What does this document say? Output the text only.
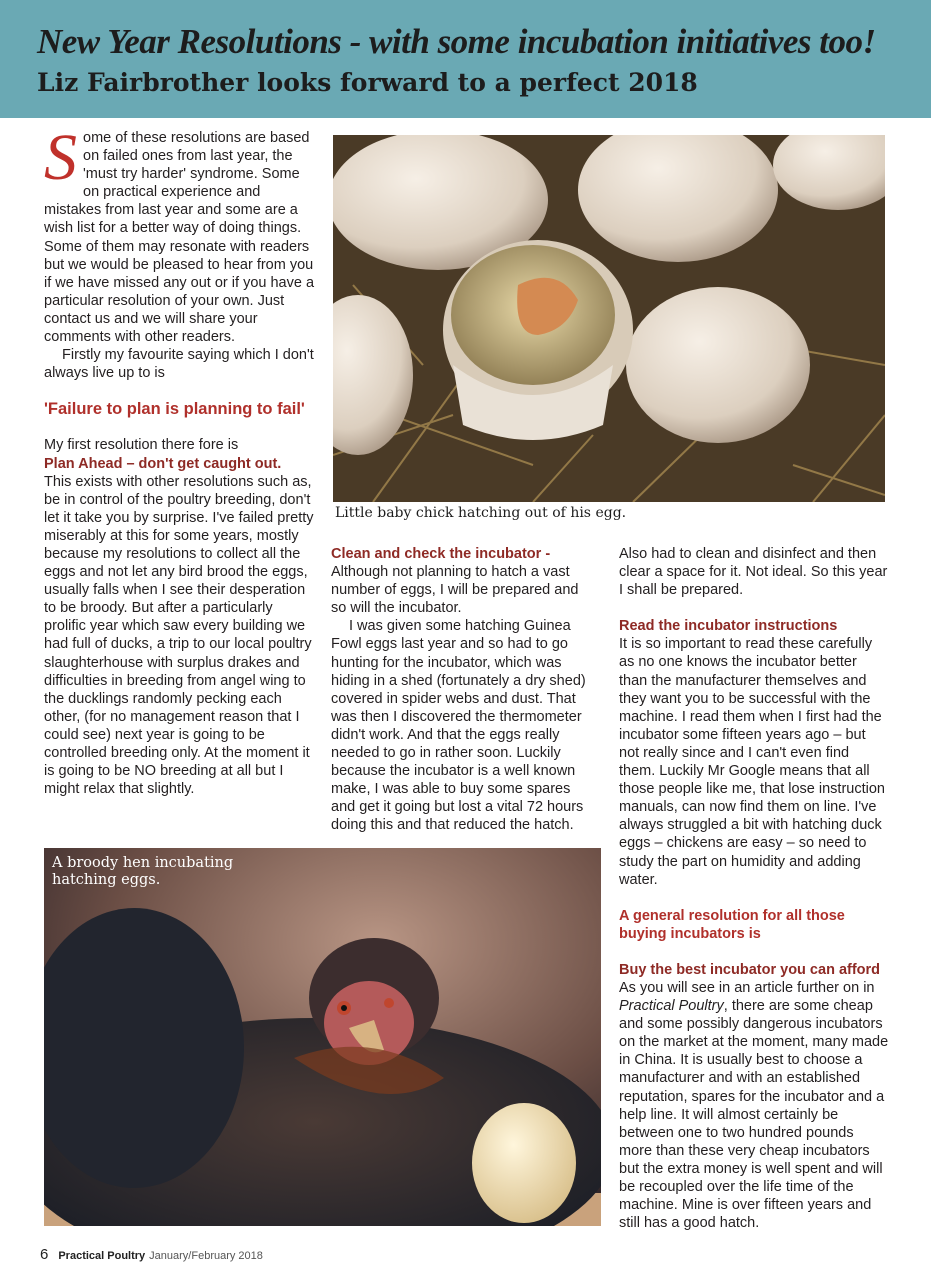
New Year Resolutions - with some incubation initiatives too!
Liz Fairbrother looks forward to a perfect 2018

Some of these resolutions are based on failed ones from last year, the 'must try harder' syndrome. Some on practical experience and mistakes from last year and some are a wish list for a better way of doing things. Some of them may resonate with readers but we would be pleased to hear from you if we have missed any out or if you have a particular resolution of your own. Just contact us and we will share your comments with other readers.

Firstly my favourite saying which I don't always live up to is

'Failure to plan is planning to fail'

My first resolution there fore is

Plan Ahead – don't get caught out.

This exists with other resolutions such as, be in control of the poultry breeding, don't let it take you by surprise. I've failed pretty miserably at this for some years, mostly because my resolutions to collect all the eggs and not let any bird brood the eggs, usually falls when I see their desperation to be broody. But after a particularly prolific year which saw every building we had full of ducks, a trip to our local poultry slaughterhouse with surplus drakes and difficulties in breeding from angel wing to the ducklings randomly pecking each other, (for no management reason that I could see) next year is going to be controlled breeding only. At the moment it is going to be NO breeding at all but I might relax that slightly.

Little baby chick hatching out of his egg.

Clean and check the incubator -

Although not planning to hatch a vast number of eggs, I will be prepared and so will the incubator.

I was given some hatching Guinea Fowl eggs last year and so had to go hunting for the incubator, which was hiding in a shed (fortunately a dry shed) covered in spider webs and dust. That was then I discovered the thermometer didn't work. And that the eggs really needed to go in rather soon. Luckily because the incubator is a well known make, I was able to buy some spares and get it going but lost a vital 72 hours doing this and that reduced the hatch.

Also had to clean and disinfect and then clear a space for it. Not ideal. So this year I shall be prepared.

Read the incubator instructions

It is so important to read these carefully as no one knows the incubator better than the manufacturer themselves and they want you to be successful with the machine. I read them when I first had the incubator some fifteen years ago – but not really since and I can't even find them. Luckily Mr Google means that all those people like me, that lose instruction manuals, can now find them on line. I've always struggled a bit with hatching duck eggs – chickens are easy – so need to study the part on humidity and adding water.

A general resolution for all those buying incubators is

Buy the best incubator you can afford

As you will see in an article further on in Practical Poultry, there are some cheap and some possibly dangerous incubators on the market at the moment, many made in China. It is usually best to choose a manufacturer and with an established reputation, spares for the incubator and a help line. It will almost certainly be between one to two hundred pounds more than these very cheap incubators but the extra money is well spent and will be recoupled over the life time of the machine. Mine is over fifteen years and still has a good hatch.

A broody hen incubating hatching eggs.
6 Practical Poultry January/February 2018
